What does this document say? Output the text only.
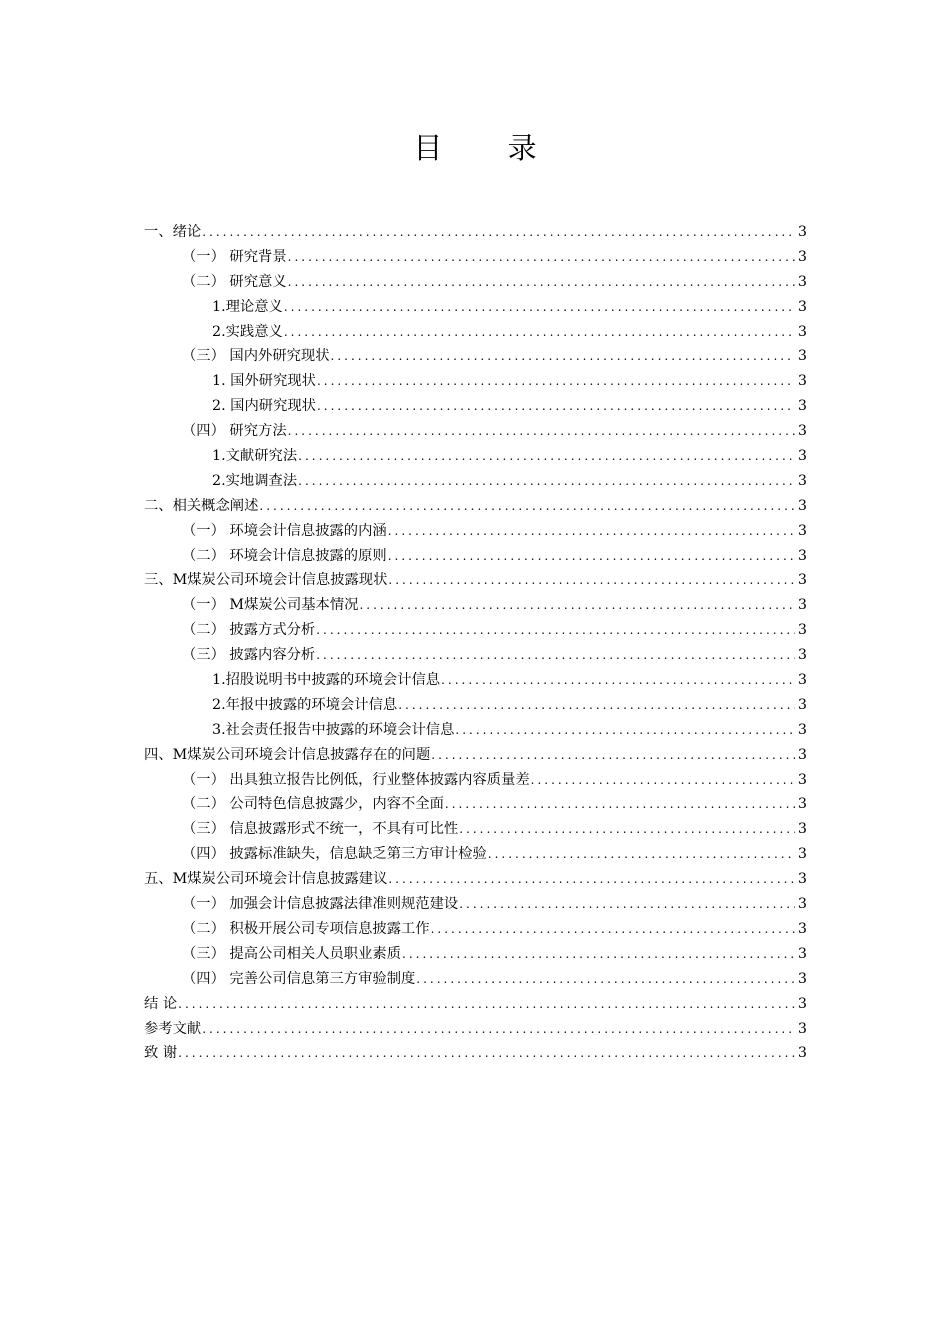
目 录
一、绪论 .....	3
（一） 研究背景 .....	3
（二） 研究意义 .....	3
1.理论意义 .....	3
2.实践意义 .....	3
（三） 国内外研究现状 .....	3
1. 国外研究现状 .....	3
2. 国内研究现状 .....	3
（四） 研究方法 .....	3
1.文献研究法 .....	3
2.实地调查法 .....	3
二、相关概念阐述 .....	3
（一） 环境会计信息披露的内涵 .....	3
（二） 环境会计信息披露的原则 .....	3
三、M煤炭公司环境会计信息披露现状 .....	3
（一） M煤炭公司基本情况 .....	3
（二） 披露方式分析 .....	3
（三） 披露内容分析 .....	3
1.招股说明书中披露的环境会计信息 .....	3
2.年报中披露的环境会计信息 .....	3
3.社会责任报告中披露的环境会计信息 .....	3
四、M煤炭公司环境会计信息披露存在的问题 .....	3
（一） 出具独立报告比例低，行业整体披露内容质量差 .....	3
（二） 公司特色信息披露少，内容不全面 .....	3
（三） 信息披露形式不统一，不具有可比性 .....	3
（四） 披露标准缺失，信息缺乏第三方审计检验 .....	3
五、M煤炭公司环境会计信息披露建议 .....	3
（一） 加强会计信息披露法律准则规范建设 .....	3
（二） 积极开展公司专项信息披露工作 .....	3
（三） 提高公司相关人员职业素质 .....	3
（四） 完善公司信息第三方审验制度 .....	3
结 论 .....	3
参考文献 .....	3
致 谢 .....	3
